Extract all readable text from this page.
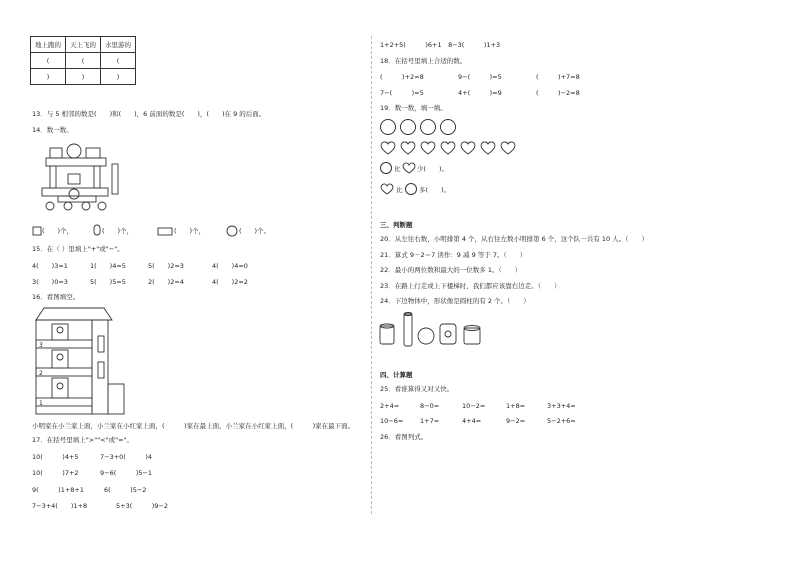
地上跑的	天上飞的	水里游的
(	(	(
)	)	)
13．与 5 相邻的数是(　　)和(　　)，6 前面的数是(　　)，(　　)在 9 的后面。
14．数一数。
(　　)个，	(　　)个，	(　　)个，	(　　)个。
15．在（ ）里填上"+"或"−"。
4(　　)3=1	1(　　)4=5	5(　　)2=3	4(　　)4=0
3(　　)0=3	5(　　)5=5	2(　　)2=4	4(　　)2=2
16．看图填空。
3
2
1
小明家在小兰家上面，小兰家在小红家上面，(　　　)家在最上面，小兰家在小红家上面，(　　　)家在最下面。
17．在括号里填上">""<"或"="。
10(　　　)4+5	7−3+0(　　　)4
10(　　　)7+2	9−6(　　　)5−1
9(　　　)1+8+1	6(　　　)5−2
7−3+4(　　)1+8	5+3(　　　)9−2
1+2+5(　　　)6+1　8−3(　　　)1+3
18．在括号里填上合适的数。
(　　　)+2=8	9−(　　　)=5	(　　　)+7=8
7−(　　　)=5	4+(　　　)=9	(　　　)−2=8
19．数一数，填一填。
比	少(　　)。
比	多(　　)。
三、判断题
20．从左往右数，小明排第 4 个，从右往左数小明排第 6 个，这个队一共有 10 人。（　　）
21．算式 9－2＝7 读作：9 减 9 等于 7。（　　）
22．最小的两位数和最大的一位数多 1。（　　）
23．在路上行走或上下楼梯时，我们都应该靠右边走。（　　）
24．下边物体中，形状像是圆柱的有 2 个。（　　）
四、计算题
25．看谁算得又对又快。
2+4=	8−0=	10−2=	1+8=	3+3+4=
10−6=	1+7=	4+4=	9−2=	5−2+6=
26．看图列式。
